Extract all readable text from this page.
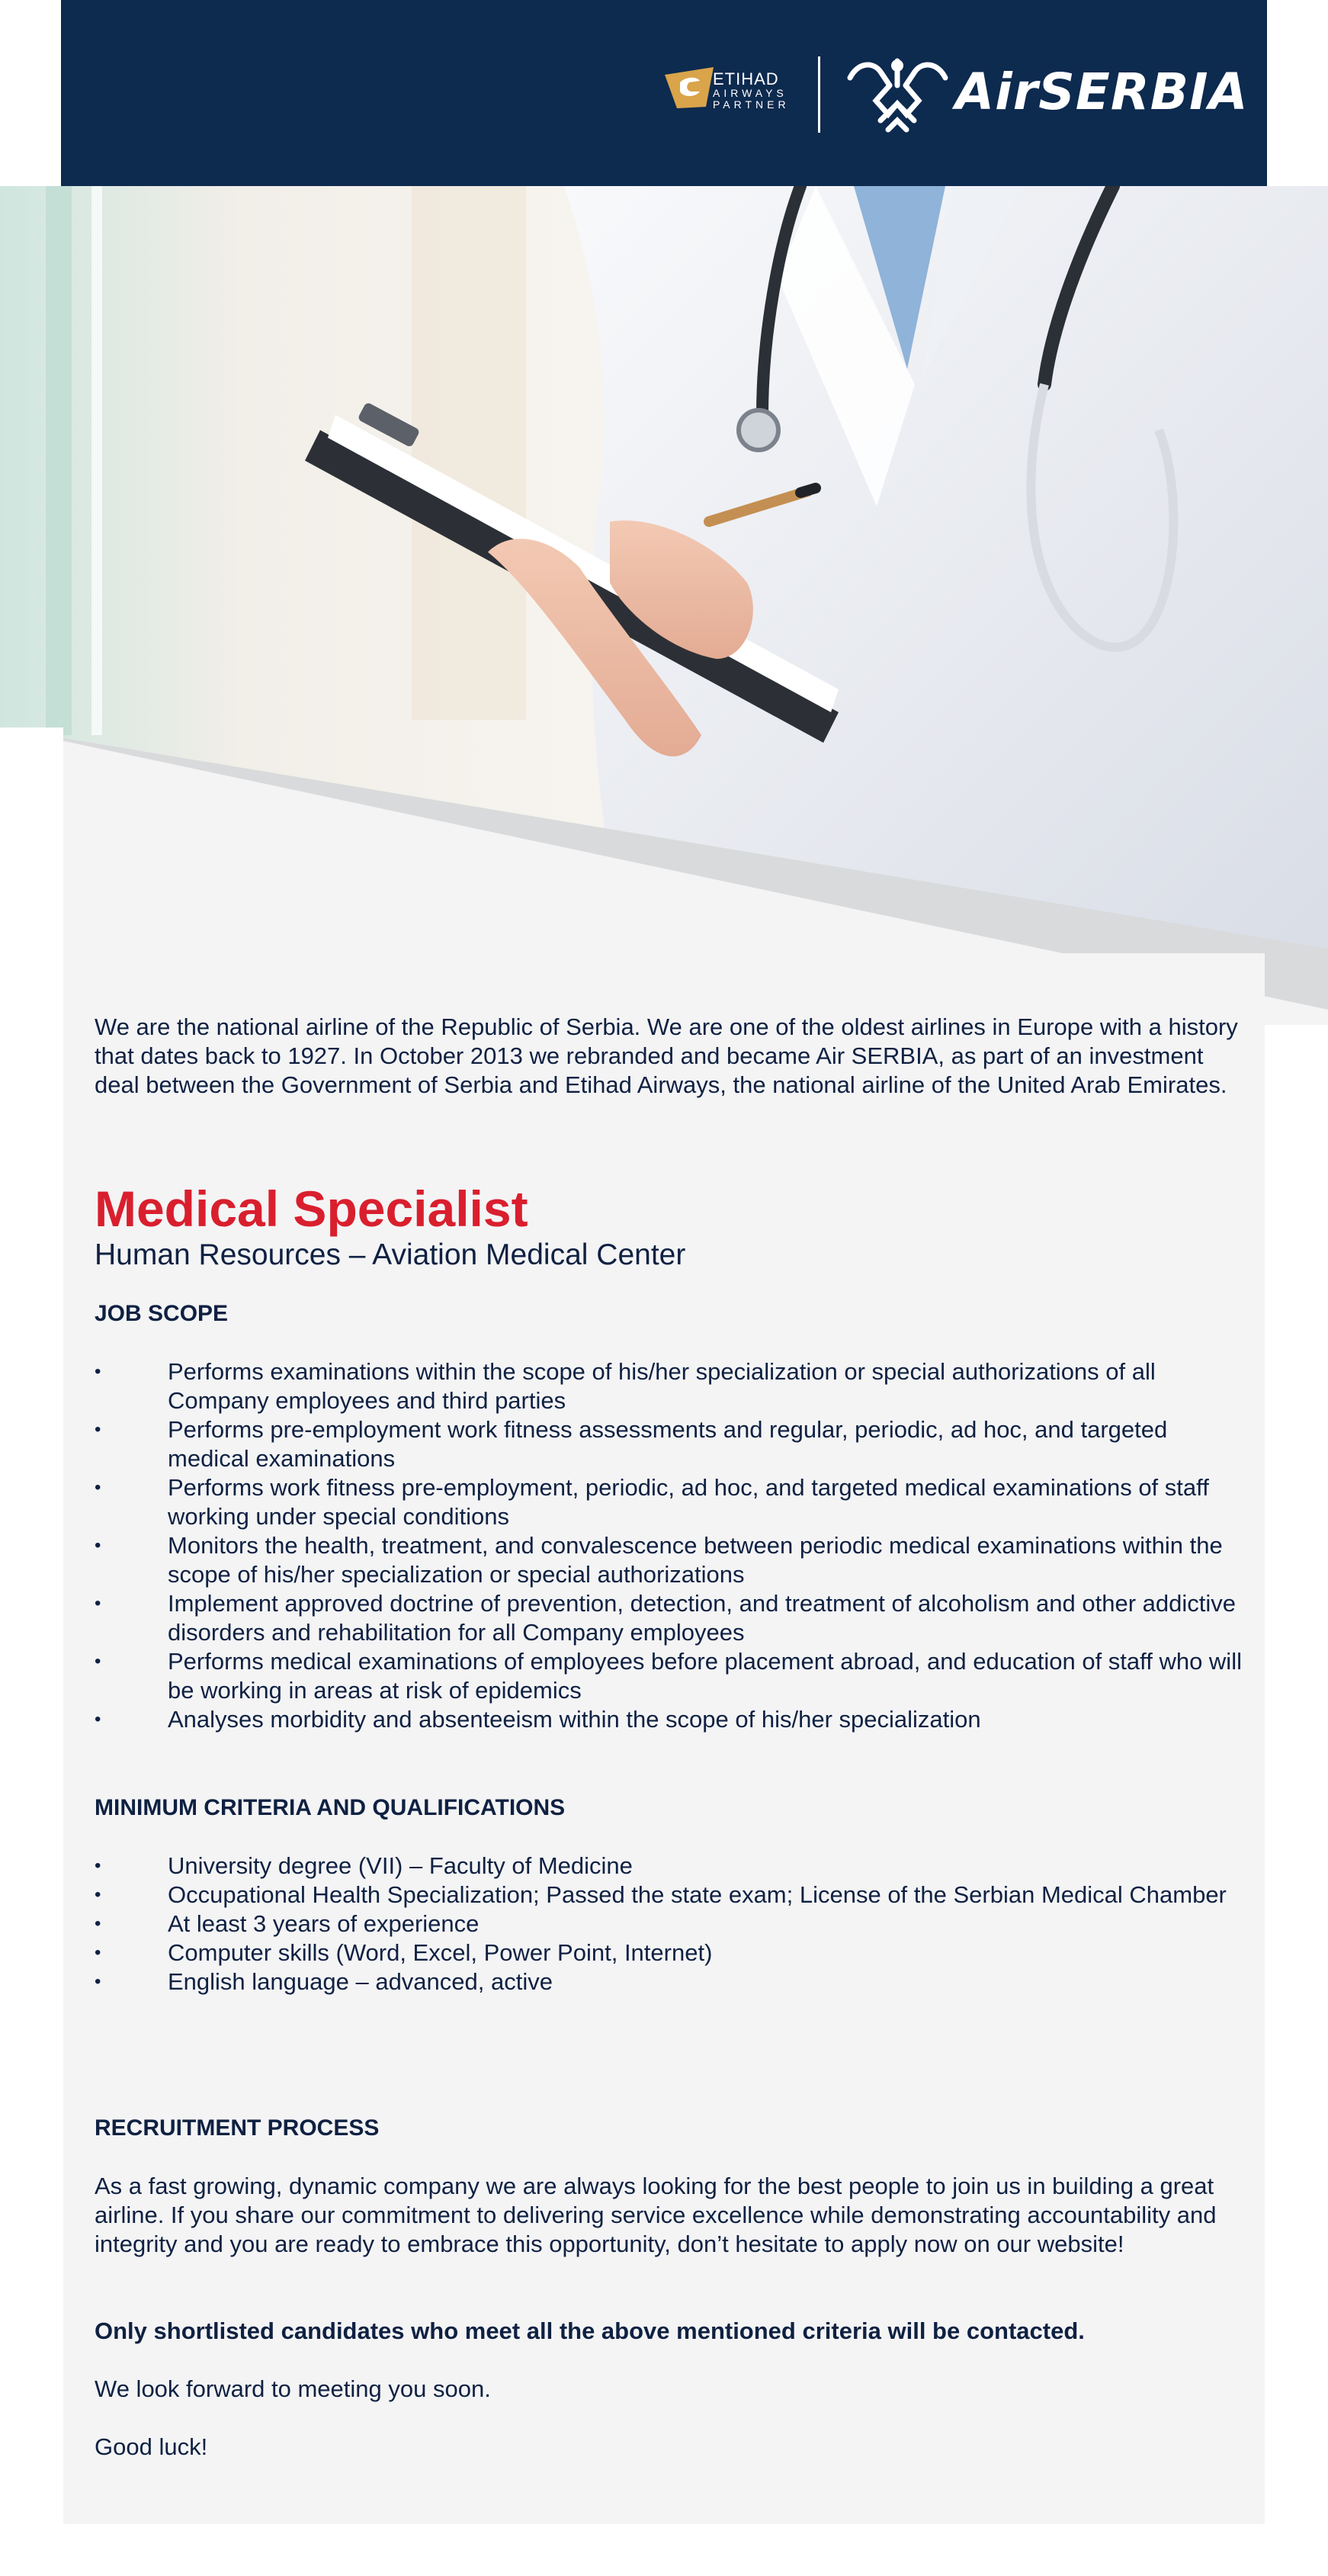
ETIHAD
AIRWAYS
PARTNER	AirSERBIA

We are the national airline of the Republic of Serbia. We are one of the oldest airlines in Europe with a history that dates back to 1927. In October 2013 we rebranded and became Air SERBIA, as part of an investment deal between the Government of Serbia and Etihad Airways, the national airline of the United Arab Emirates.

Medical Specialist
Human Resources – Aviation Medical Center
JOB SCOPE
• Performs examinations within the scope of his/her specialization or special authorizations of all Company employees and third parties
• Performs pre-employment work fitness assessments and regular, periodic, ad hoc, and targeted medical examinations
• Performs work fitness pre-employment, periodic, ad hoc, and targeted medical examinations of staff working under special conditions
• Monitors the health, treatment, and convalescence between periodic medical examinations within the scope of his/her specialization or special authorizations
• Implement approved doctrine of prevention, detection, and treatment of alcoholism and other addictive disorders and rehabilitation for all Company employees
• Performs medical examinations of employees before placement abroad, and education of staff who will be working in areas at risk of epidemics
• Analyses morbidity and absenteeism within the scope of his/her specialization
MINIMUM CRITERIA AND QUALIFICATIONS
• University degree (VII) – Faculty of Medicine
• Occupational Health Specialization; Passed the state exam; License of the Serbian Medical Chamber
• At least 3 years of experience
• Computer skills (Word, Excel, Power Point, Internet)
• English language – advanced, active
RECRUITMENT PROCESS

As a fast growing, dynamic company we are always looking for the best people to join us in building a great airline. If you share our commitment to delivering service excellence while demonstrating accountability and integrity and you are ready to embrace this opportunity, don’t hesitate to apply now on our website!

Only shortlisted candidates who meet all the above mentioned criteria will be contacted.

We look forward to meeting you soon.

Good luck!
